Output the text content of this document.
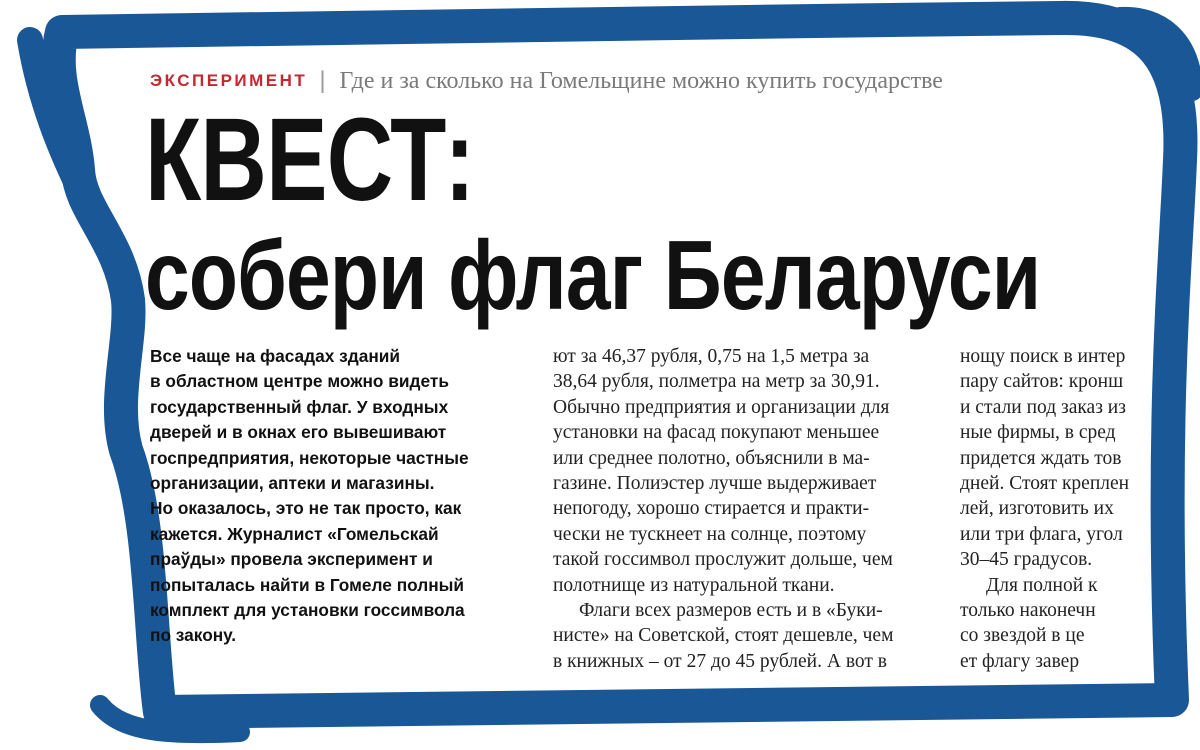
ЭКСПЕРИМЕНТ | Где и за сколько на Гомельщине можно купить государстве
КВЕСТ:
собери флаг Беларуси
Все чаще на фасадах зданий
в областном центре можно видеть
государственный флаг. У входных
дверей и в окнах его вывешивают
госпредприятия, некоторые частные
организации, аптеки и магазины.
Но оказалось, это не так просто, как
кажется. Журналист «Гомельскай
праўды» провела эксперимент и
попыталась найти в Гомеле полный
комплект для установки госсимвола
по закону.
ют за 46,37 рубля, 0,75 на 1,5 метра за
38,64 рубля, полметра на метр за 30,91.
Обычно предприятия и организации для
установки на фасад покупают меньшее
или среднее полотно, объяснили в ма-
газине. Полиэстер лучше выдерживает
непогоду, хорошо стирается и практи-
чески не тускнеет на солнце, поэтому
такой госсимвол прослужит дольше, чем
полотнище из натуральной ткани.
Флаги всех размеров есть и в «Буки-
нисте» на Советской, стоят дешевле, чем
в книжных – от 27 до 45 рублей. А вот в
нощу поиск в интер
пару сайтов: кронш
и стали под заказ из
ные фирмы, в сред
придется ждать тов
дней. Стоят креплен
лей, изготовить их
или три флага, угол
30–45 градусов.
Для полной к
только наконечн
со звездой в це
ет флагу завер
